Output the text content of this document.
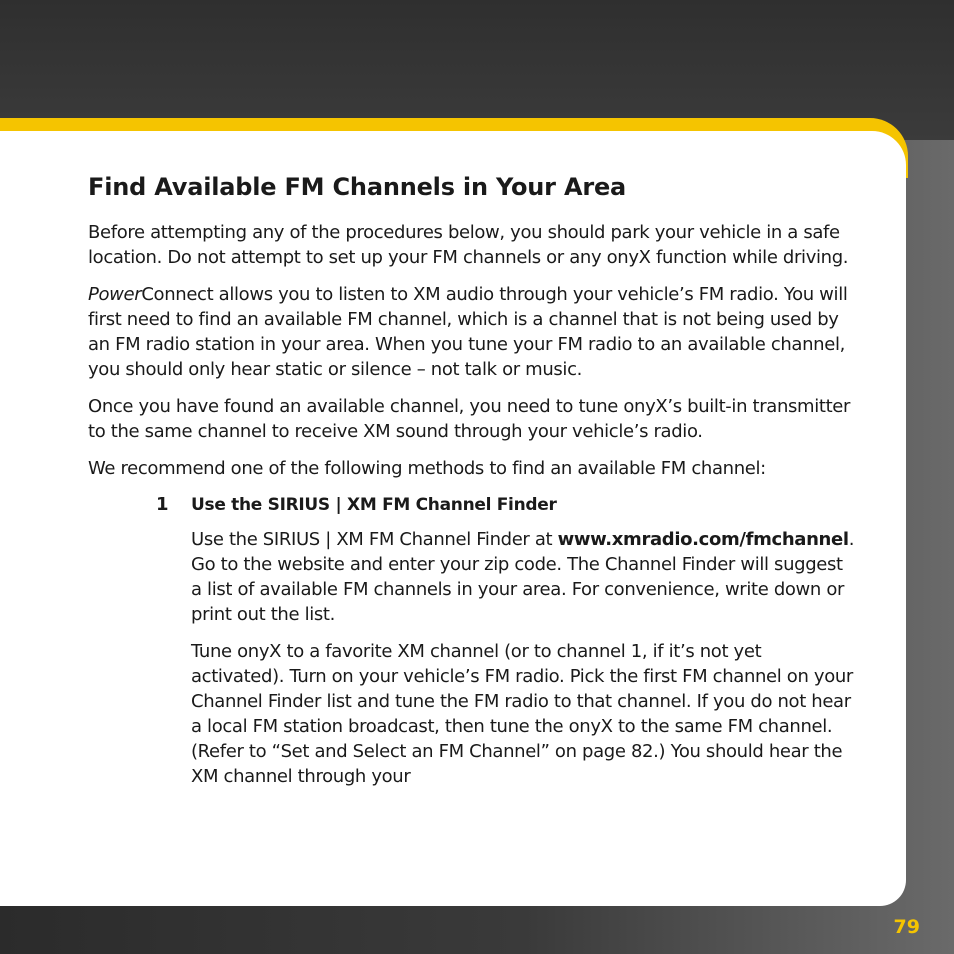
Find Available FM Channels in Your Area

Before attempting any of the procedures below, you should park your vehicle in a safe location. Do not attempt to set up your FM channels or any onyX function while driving.

PowerConnect allows you to listen to XM audio through your vehicle’s FM radio. You will first need to find an available FM channel, which is a channel that is not being used by an FM radio station in your area. When you tune your FM radio to an available channel, you should only hear static or silence – not talk or music.

Once you have found an available channel, you need to tune onyX’s built-in transmitter to the same channel to receive XM sound through your vehicle’s radio.

We recommend one of the following methods to find an available FM channel:

1 Use the SIRIUS | XM FM Channel Finder

Use the SIRIUS | XM FM Channel Finder at www.xmradio.com/fmchannel. Go to the website and enter your zip code. The Channel Finder will suggest a list of available FM channels in your area. For convenience, write down or print out the list.

Tune onyX to a favorite XM channel (or to channel 1, if it’s not yet activated). Turn on your vehicle’s FM radio. Pick the first FM channel on your Channel Finder list and tune the FM radio to that channel. If you do not hear a local FM station broadcast, then tune the onyX to the same FM channel. (Refer to “Set and Select an FM Channel” on page 82.) You should hear the XM channel through your

79
